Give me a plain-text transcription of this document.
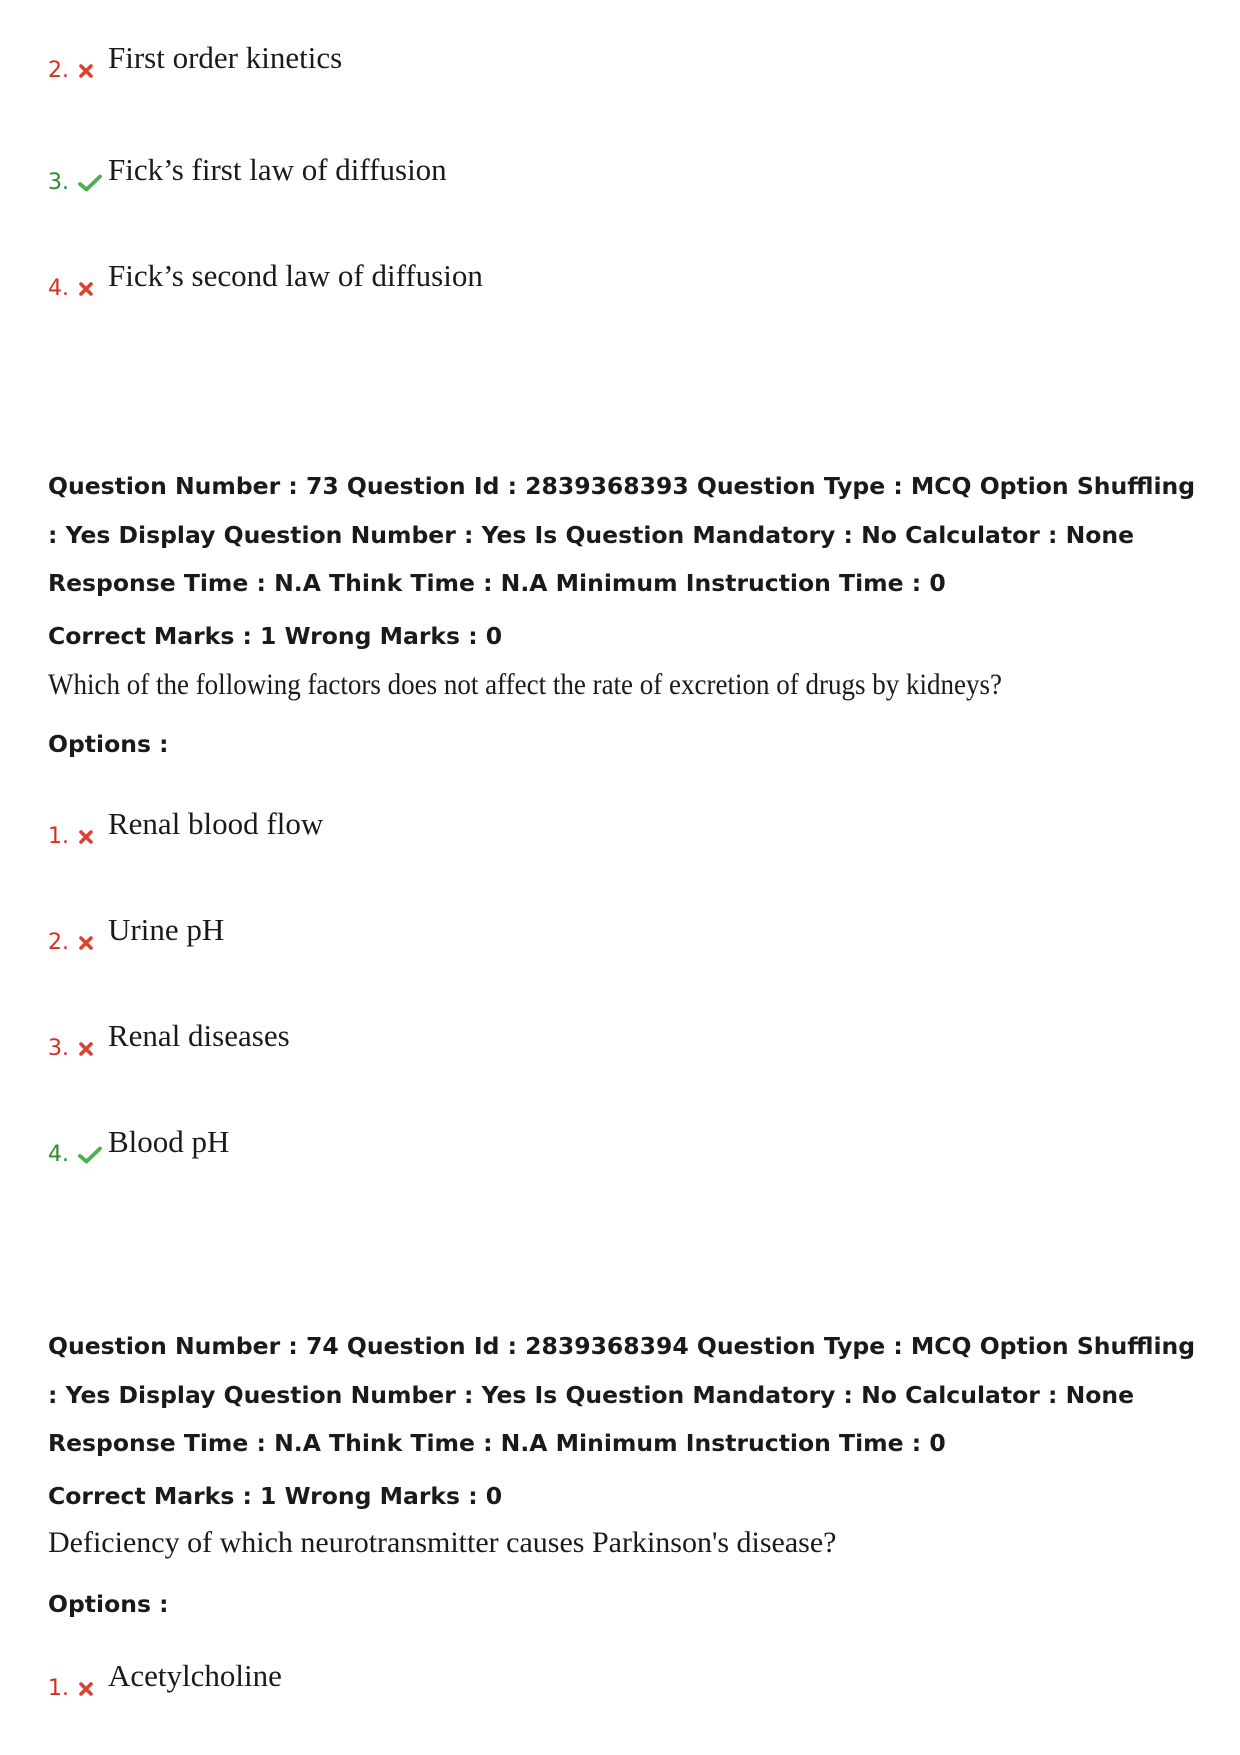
2. First order kinetics
3. Fick’s first law of diffusion
4. Fick’s second law of diffusion
Question Number : 73 Question Id : 2839368393 Question Type : MCQ Option Shuffling : Yes Display Question Number : Yes Is Question Mandatory : No Calculator : None Response Time : N.A Think Time : N.A Minimum Instruction Time : 0
Correct Marks : 1 Wrong Marks : 0
Which of the following factors does not affect the rate of excretion of drugs by kidneys?
Options :
1. Renal blood flow
2. Urine pH
3. Renal diseases
4. Blood pH
Question Number : 74 Question Id : 2839368394 Question Type : MCQ Option Shuffling : Yes Display Question Number : Yes Is Question Mandatory : No Calculator : None Response Time : N.A Think Time : N.A Minimum Instruction Time : 0
Correct Marks : 1 Wrong Marks : 0
Deficiency of which neurotransmitter causes Parkinson's disease?
Options :
1. Acetylcholine
